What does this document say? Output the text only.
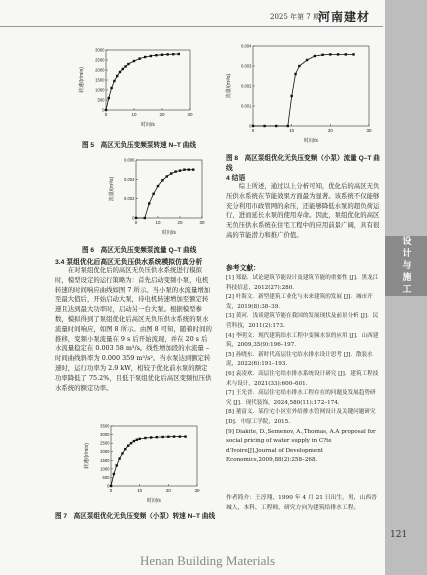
2025 年第 7 期
河南建材
0	10	20	30
0
500
1000
1500
2000
2500
3000
时间/s
转速/(r/min)
图 5　高区无负压变频泵转速 N–T 曲线
0	10	20	30
0
0.002
0.004
0.006
时间/s
流量/(m³/s)
图 6　高区无负压变频泵流量 Q–T 曲线
3.4 泵组优化后高区无负压供水系统模拟仿真分析

在对泵组优化后的高区无负压供水系统进行模拟时，模型设定的运行策略为：首先启动变频小泵，电机转速的时间响应曲线如图 7 所示。当小泵的水流量增加至最大值后，开始启动大泵，待电机转速增加至额定转速且达到最大功率时，启动另一台大泵。根据模型参数，模拟得到了泵组优化后高区无负压供水系统的泵水流量时间响应，如图 8 所示。由图 8 可知，随着时间的推移，变频小泵流量在 9 s 后开始流现，并在 20 s 后水流量稳定在 0.003 58 m³/s。线性增加段的水流量 – 时间曲线斜率为 0.000 359 m³/s²。当水泵达到额定转速时，运行功率为 2.9 kW，相较于优化前水泵的额定功率降低了 75.2%，且低于泵组优化后高区变频恒压供水系统的额定功率。

0	10	20	30
0
500
1000
1500
2000
2500
3000
3500
时间/s
转速/(r/min)
图 7　高区泵组优化无负压变频（小泵）转速 N–T 曲线
0	10	20	30
0
0.001
0.002
0.003
0.004
时间/s
流量/(m³/s)
图 8　高区泵组优化无负压变频（小泵）流量 Q–T 曲线
4 结语

综上所述，通过以上分析可知，优化后的高区无负压供水系统在节能效果方面最为显著。该系统不仅能够充分利用市政管网的余压，还能够降低水泵的超负荷运行，进而延长水泵的使用寿命。因此，泵组优化的高区无负压供水系统在住宅工程中的应用前景广阔，具有很高的节能潜力和推广价值。

参考文献：

[1] 郑磊．试论建筑节能设计及建筑节能的重要性 [J]．黑龙江科技信息，2012(27):280．

[2] 叶海文．新型建筑工业化与未来建筑的发展 [J]．城市开发，2019(8):38–39．

[3] 黄河．浅谈建筑节能在我国的发展现状及前景分析 [J]．民营科技，2011(2):173．

[4] 李明文．现代建筑给水工程中变频水泵的应用 [J]．山西建筑，2009,35(9):196–197．

[5] 孙晓东．新时代高层住宅给水排水设计思考 [J]．散装水泥，2022(6):191–193．

[6] 袁凌欢．高层住宅给水排水系统设计研究 [J]．建筑工程技术与设计，2021(33):600–601．

[7] 王光晋．高层住宅给水排水工程存在的问题及发展趋势研究 [J]．现代装饰，2024,580(11):172–174．

[8] 董富义．某住宅小区室外给排水管网设计及关键问题研究 [D]．中原工学院，2015．

[9] Diakite, D.,Semenov, A.,Thomas, A.A proposal for social pricing of water supply in C?te d'Ivoire[J].Journal of Development Economics,2009,88(2):258–268.

作者简介：王淳翔，1990 年 4 月 21 日出生，男，山西晋城人，本科，工程师，研究方向为建筑给排水工程。
设计与施工
121
Henan Building Materials
